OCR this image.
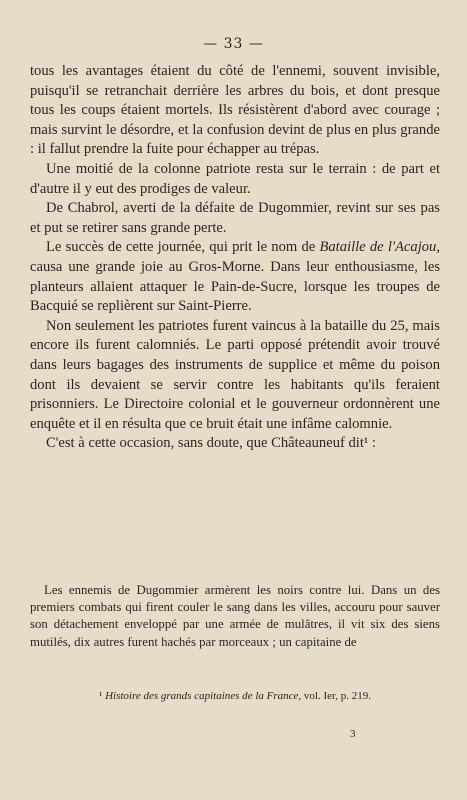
— 33 —

tous les avantages étaient du côté de l'ennemi, souvent invisible, puisqu'il se retranchait derrière les arbres du bois, et dont presque tous les coups étaient mortels. Ils résistèrent d'abord avec courage ; mais survint le désordre, et la confusion devint de plus en plus grande : il fallut prendre la fuite pour échapper au trépas.

Une moitié de la colonne patriote resta sur le terrain : de part et d'autre il y eut des prodiges de valeur.

De Chabrol, averti de la défaite de Dugommier, revint sur ses pas et put se retirer sans grande perte.

Le succès de cette journée, qui prit le nom de Bataille de l'Acajou, causa une grande joie au Gros-Morne. Dans leur enthousiasme, les planteurs allaient attaquer le Pain-de-Sucre, lorsque les troupes de Bacquié se replièrent sur Saint-Pierre.

Non seulement les patriotes furent vaincus à la bataille du 25, mais encore ils furent calomniés. Le parti opposé prétendit avoir trouvé dans leurs bagages des instruments de supplice et même du poison dont ils devaient se servir contre les habitants qu'ils feraient prisonniers. Le Directoire colonial et le gouverneur ordonnèrent une enquête et il en résulta que ce bruit était une infâme calomnie.

C'est à cette occasion, sans doute, que Châteauneuf dit¹ :

Les ennemis de Dugommier armèrent les noirs contre lui. Dans un des premiers combats qui firent couler le sang dans les villes, accouru pour sauver son détachement enveloppé par une armée de mulâtres, il vit six des siens mutilés, dix autres furent hachés par morceaux ; un capitaine de

¹ Histoire des grands capitaines de la France, vol. Ier, p. 219.
3
